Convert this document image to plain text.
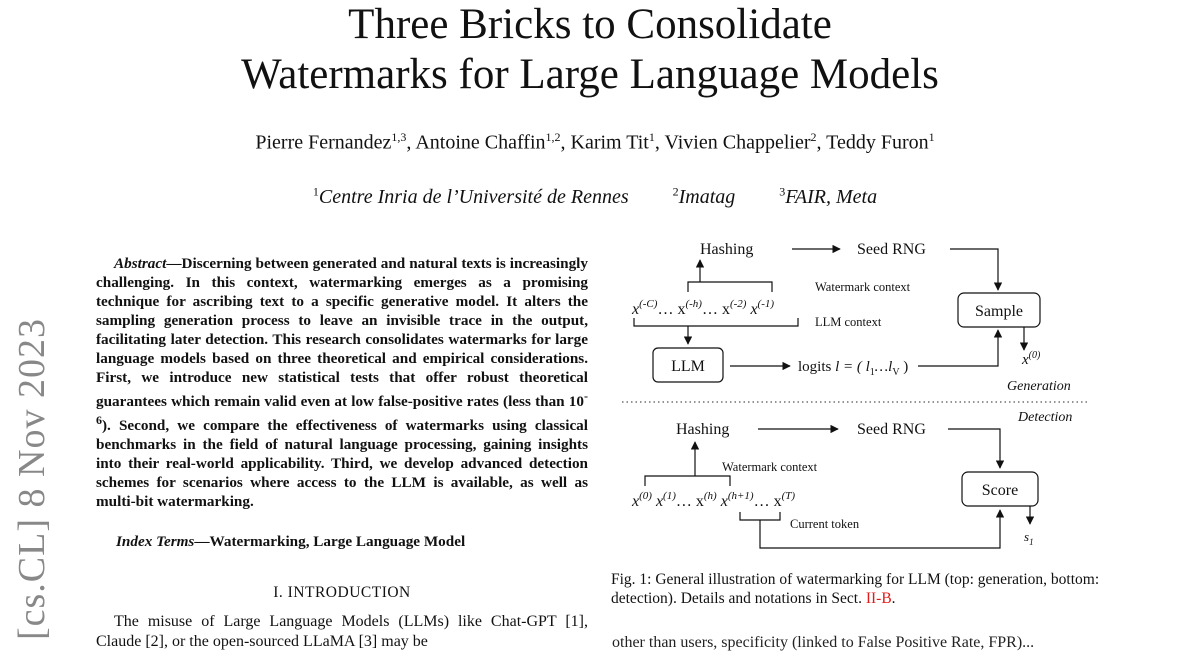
Three Bricks to Consolidate
Watermarks for Large Language Models
Pierre Fernandez$^{1,3}$, Antoine Chaffin$^{1,2}$, Karim Tit$^1$, Vivien Chappelier$^2$, Teddy Furon$^1$
$^1$Centre Inria de l’Université de Rennes	$^2$Imatag	$^3$FAIR, Meta
[cs.CL] 8 Nov 2023
Abstract—Discerning between generated and natural texts is increasingly challenging. In this context, watermarking emerges as a promising technique for ascribing text to a specific generative model. It alters the sampling generation process to leave an invisible trace in the output, facilitating later detection. This research consolidates watermarks for large language models based on three theoretical and empirical considerations. First, we introduce new statistical tests that offer robust theoretical guarantees which remain valid even at low false-positive rates (less than $10^{-6}$). Second, we compare the effectiveness of watermarks using classical benchmarks in the field of natural language processing, gaining insights into their real-world applicability. Third, we develop advanced detection schemes for scenarios where access to the LLM is available, as well as multi-bit watermarking.
Index Terms—Watermarking, Large Language Model
I. INTRODUCTION
The misuse of Large Language Models (LLMs) like Chat-GPT [1], Claude [2], or the open-sourced LLaMA [3] may be
Hashing	Seed RNG
Watermark context
$x^{(-C)}\dots$ $x^{(-h)}\dots$ $x^{(-2)}$ $x^{(-1)}$
LLM context
LLM	logits l = ( $l_1\dots l_V$ )
Sample
$x^{(0)}$
Generation
Detection
Hashing	Seed RNG
Watermark context
$x^{(0)}$ $x^{(1)}\dots$ $x^{(h)}$ $x^{(h+1)}\dots$ $x^{(T)}$
Current token
Score
$s_1$
Fig. 1: General illustration of watermarking for LLM (top: generation, bottom: detection). Details and notations in Sect. II-B.
other than users, specificity (linked to False Positive Rate, FPR)...
